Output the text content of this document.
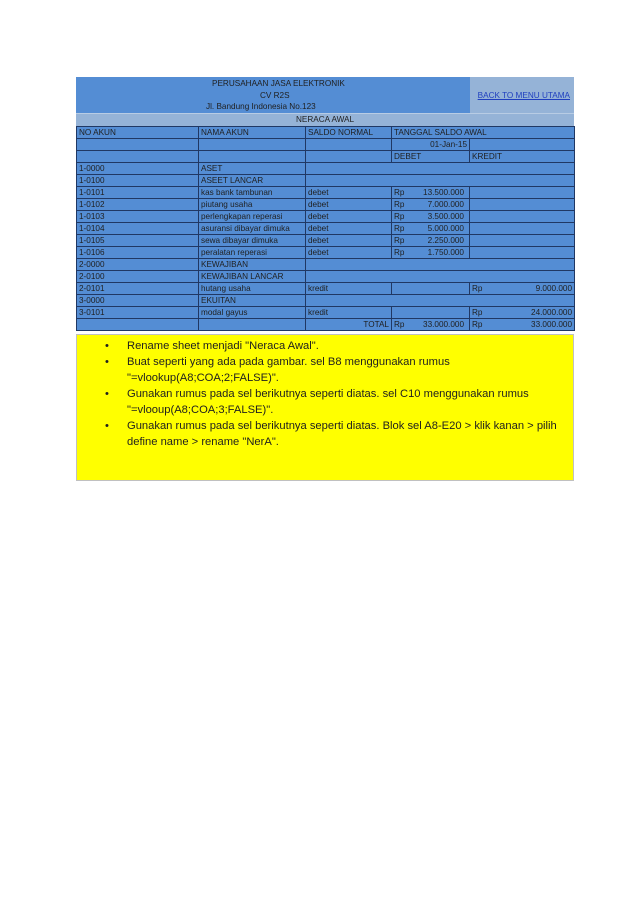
PERUSAHAAN JASA ELEKTRONIK
CV R2S
Jl. Bandung Indonesia No.123
BACK TO MENU UTAMA
NERACA AWAL
NO AKUN	NAMA AKUN	SALDO NORMAL	TANGGAL SALDO AWAL	
			01-Jan-15	
			DEBET	KREDIT
1-0000	ASET			
1-0100	ASEET LANCAR			
1-0101	kas bank tambunan	debet	Rp 13.500.000	

1-0102	piutang usaha	debet	Rp 7.000.000	

1-0103	perlengkapan reperasi	debet	Rp 3.500.000	

1-0104	asuransi dibayar dimuka	debet	Rp 5.000.000	

1-0105	sewa dibayar dimuka	debet	Rp 2.250.000	

1-0106	peralatan reperasi	debet	Rp 1.750.000	

2-0000	KEWAJIBAN			
2-0100	KEWAJIBAN LANCAR			
2-0101	hutang usaha	kredit		Rp 9.000.000

3-0000	EKUITAN			
3-0101	modal gayus	kredit		Rp 24.000.000

		TOTAL	Rp 33.000.000	Rp 33.000.000
• Rename sheet menjadi "Neraca Awal".
• Buat seperti yang ada pada gambar. sel B8 menggunakan rumus "=vlookup(A8;COA;2;FALSE)".
• Gunakan rumus pada sel berikutnya seperti diatas. sel C10 menggunakan rumus "=vlooup(A8;COA;3;FALSE)".
• Gunakan rumus pada sel berikutnya seperti diatas. Blok sel A8-E20 > klik kanan > pilih define name > rename "NerA".
